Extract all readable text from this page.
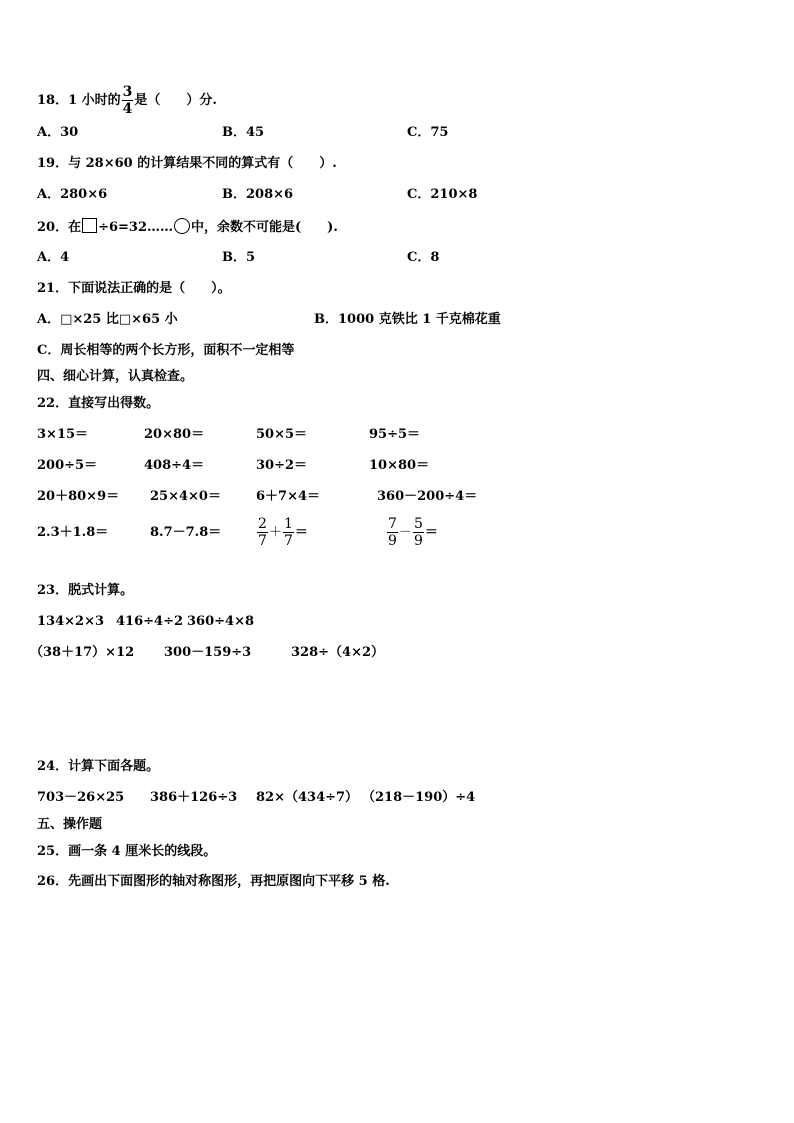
18．1 小时的 $\frac{3}{4}$ 是（　　）分.
A．30	B．45	C．75
19．与 28×60 的计算结果不同的算式有（　　）.
A．280×6	B．208×6	C．210×8
20．在 ÷6=32…… 中，余数不可能是(　　).
A．4	B．5	C．8
21．下面说法正确的是（　　）。
A．□×25 比□×65 小	B．1000 克铁比 1 千克棉花重
C．周长相等的两个长方形，面积不一定相等
四、细心计算，认真检查。
22．直接写出得数。
3×15＝	20×80＝	50×5＝	95÷5＝
200÷5＝	408÷4＝	30÷2＝	10×80＝
20＋80×9＝ 25×4×0＝	6＋7×4＝	360－200÷4＝
2.3＋1.8＝	8.7－7.8＝	$\frac{2}{7} + \frac{1}{7}$ ＝	$\frac{7}{9} - \frac{5}{9}$ ＝
23．脱式计算。
134×2×3 416÷4÷2 360÷4×8
（38＋17）×12 300－159÷3	328÷（4×2）
24．计算下面各题。
703－26×25 386＋126÷3 82×（434÷7） （218－190）÷4
五、操作题
25．画一条 4 厘米长的线段。
26．先画出下面图形的轴对称图形，再把原图向下平移 5 格.
